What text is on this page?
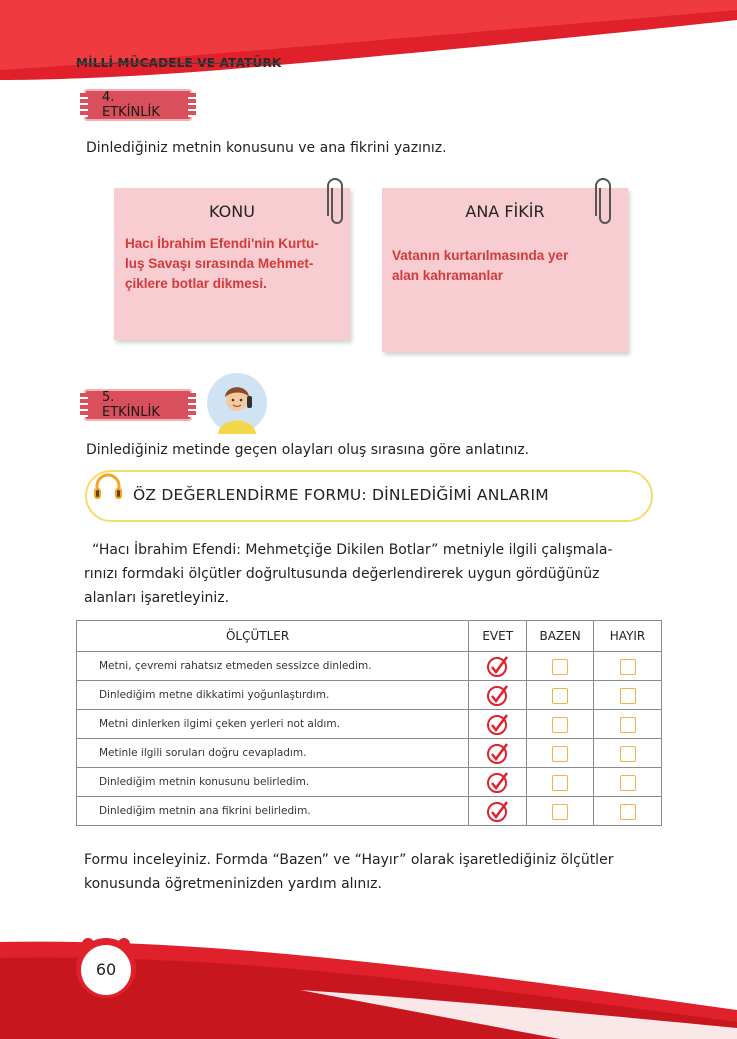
MİLLİ MÜCADELE VE ATATÜRK
4. ETKİNLİK
Dinlediğiniz metnin konusunu ve ana fikrini yazınız.
KONU
Hacı İbrahim Efendi'nin Kurtu-
luş Savaşı sırasında Mehmet-
çiklere botlar dikmesi.
ANA FİKİR
Vatanın kurtarılmasında yer
alan kahramanlar
5. ETKİNLİK
Dinlediğiniz metinde geçen olayları oluş sırasına göre anlatınız.
ÖZ DEĞERLENDİRME FORMU: DİNLEDİĞİMİ ANLARIM
“Hacı İbrahim Efendi: Mehmetçiğe Dikilen Botlar” metniyle ilgili çalışmala-
rınızı formdaki ölçütler doğrultusunda değerlendirerek uygun gördüğünüz
alanları işaretleyiniz.
ÖLÇÜTLER	EVET	BAZEN	HAYIR
Metni, çevremi rahatsız etmeden sessizce dinledim.			
Dinlediğim metne dikkatimi yoğunlaştırdım.			
Metni dinlerken ilgimi çeken yerleri not aldım.			
Metinle ilgili soruları doğru cevapladım.			
Dinlediğim metnin konusunu belirledim.			
Dinlediğim metnin ana fikrini belirledim.			
Formu inceleyiniz. Formda “Bazen” ve “Hayır” olarak işaretlediğiniz ölçütler
konusunda öğretmeninizden yardım alınız.
60
